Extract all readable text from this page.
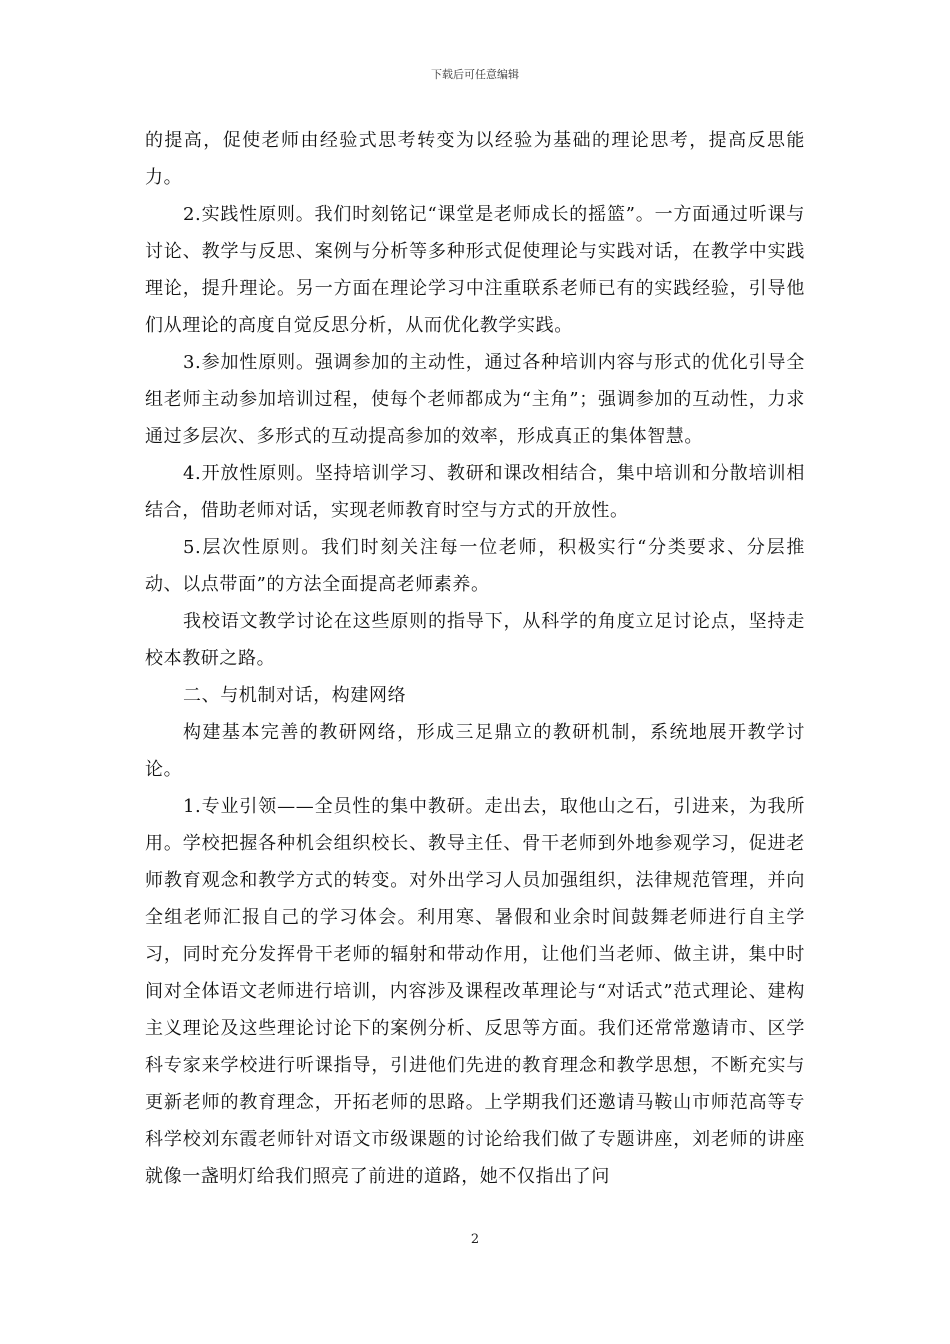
下载后可任意编辑

的提高，促使老师由经验式思考转变为以经验为基础的理论思考，提高反思能力。

2.实践性原则。我们时刻铭记“课堂是老师成长的摇篮”。一方面通过听课与讨论、教学与反思、案例与分析等多种形式促使理论与实践对话，在教学中实践理论，提升理论。另一方面在理论学习中注重联系老师已有的实践经验，引导他们从理论的高度自觉反思分析，从而优化教学实践。

3.参加性原则。强调参加的主动性，通过各种培训内容与形式的优化引导全组老师主动参加培训过程，使每个老师都成为“主角”；强调参加的互动性，力求通过多层次、多形式的互动提高参加的效率，形成真正的集体智慧。

4.开放性原则。坚持培训学习、教研和课改相结合，集中培训和分散培训相结合，借助老师对话，实现老师教育时空与方式的开放性。

5.层次性原则。我们时刻关注每一位老师，积极实行“分类要求、分层推动、以点带面”的方法全面提高老师素养。

我校语文教学讨论在这些原则的指导下，从科学的角度立足讨论点，坚持走校本教研之路。

二、与机制对话，构建网络

构建基本完善的教研网络，形成三足鼎立的教研机制，系统地展开教学讨论。

1.专业引领——全员性的集中教研。走出去，取他山之石，引进来，为我所用。学校把握各种机会组织校长、教导主任、骨干老师到外地参观学习，促进老师教育观念和教学方式的转变。对外出学习人员加强组织，法律规范管理，并向全组老师汇报自己的学习体会。利用寒、暑假和业余时间鼓舞老师进行自主学习，同时充分发挥骨干老师的辐射和带动作用，让他们当老师、做主讲，集中时间对全体语文老师进行培训，内容涉及课程改革理论与“对话式”范式理论、建构主义理论及这些理论讨论下的案例分析、反思等方面。我们还常常邀请市、区学科专家来学校进行听课指导，引进他们先进的教育理念和教学思想，不断充实与更新老师的教育理念，开拓老师的思路。上学期我们还邀请马鞍山市师范高等专科学校刘东霞老师针对语文市级课题的讨论给我们做了专题讲座，刘老师的讲座就像一盏明灯给我们照亮了前进的道路，她不仅指出了问

2
